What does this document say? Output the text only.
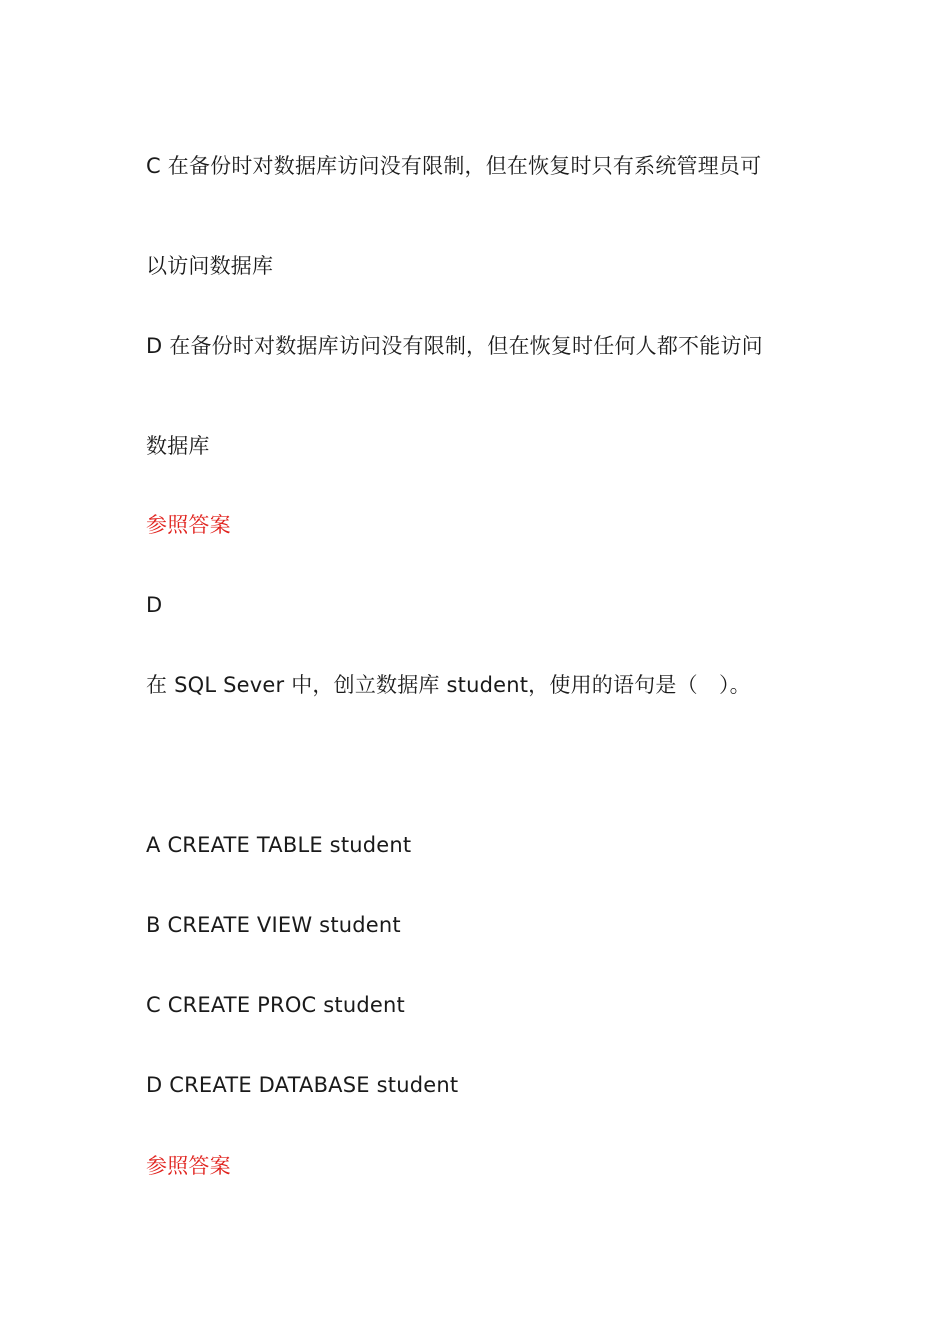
C 在备份时对数据库访问没有限制，但在恢复时只有系统管理员可
以访问数据库
D 在备份时对数据库访问没有限制，但在恢复时任何人都不能访问
数据库
参照答案
D
在 SQL Sever 中，创立数据库 student，使用的语句是（　）。
A CREATE TABLE student
B CREATE VIEW student
C CREATE PROC student
D CREATE DATABASE student
参照答案
